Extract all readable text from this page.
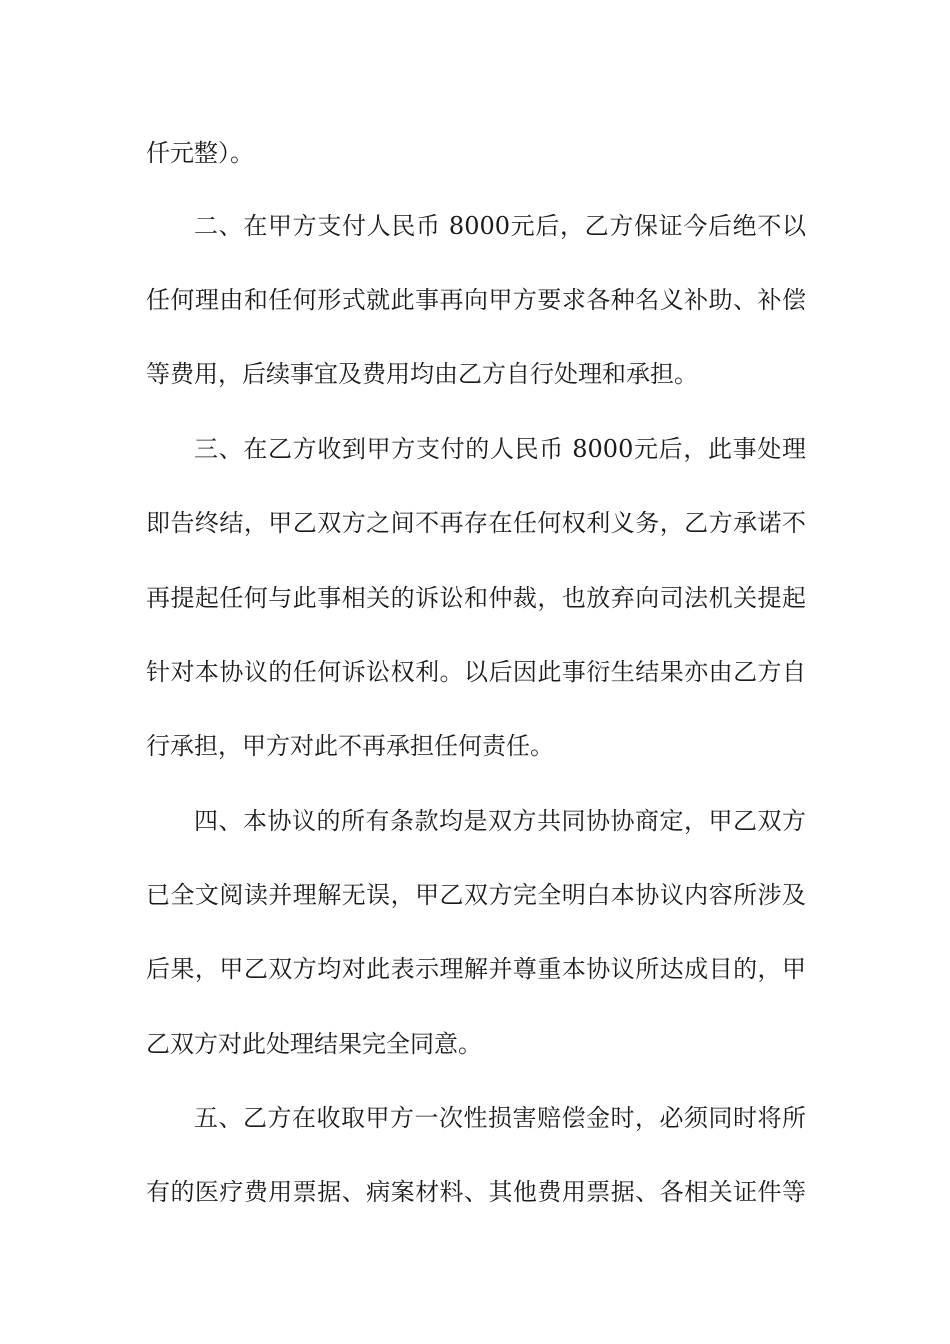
仟元整）。
二、在甲方支付人民币 8000元后，乙方保证今后绝不以
任何理由和任何形式就此事再向甲方要求各种名义补助、补偿
等费用，后续事宜及费用均由乙方自行处理和承担。
三、在乙方收到甲方支付的人民币 8000元后，此事处理
即告终结，甲乙双方之间不再存在任何权利义务，乙方承诺不
再提起任何与此事相关的诉讼和仲裁，也放弃向司法机关提起
针对本协议的任何诉讼权利。以后因此事衍生结果亦由乙方自
行承担，甲方对此不再承担任何责任。
四、本协议的所有条款均是双方共同协协商定，甲乙双方
已全文阅读并理解无误，甲乙双方完全明白本协议内容所涉及
后果，甲乙双方均对此表示理解并尊重本协议所达成目的，甲
乙双方对此处理结果完全同意。
五、乙方在收取甲方一次性损害赔偿金时，必须同时将所
有的医疗费用票据、病案材料、其他费用票据、各相关证件等
